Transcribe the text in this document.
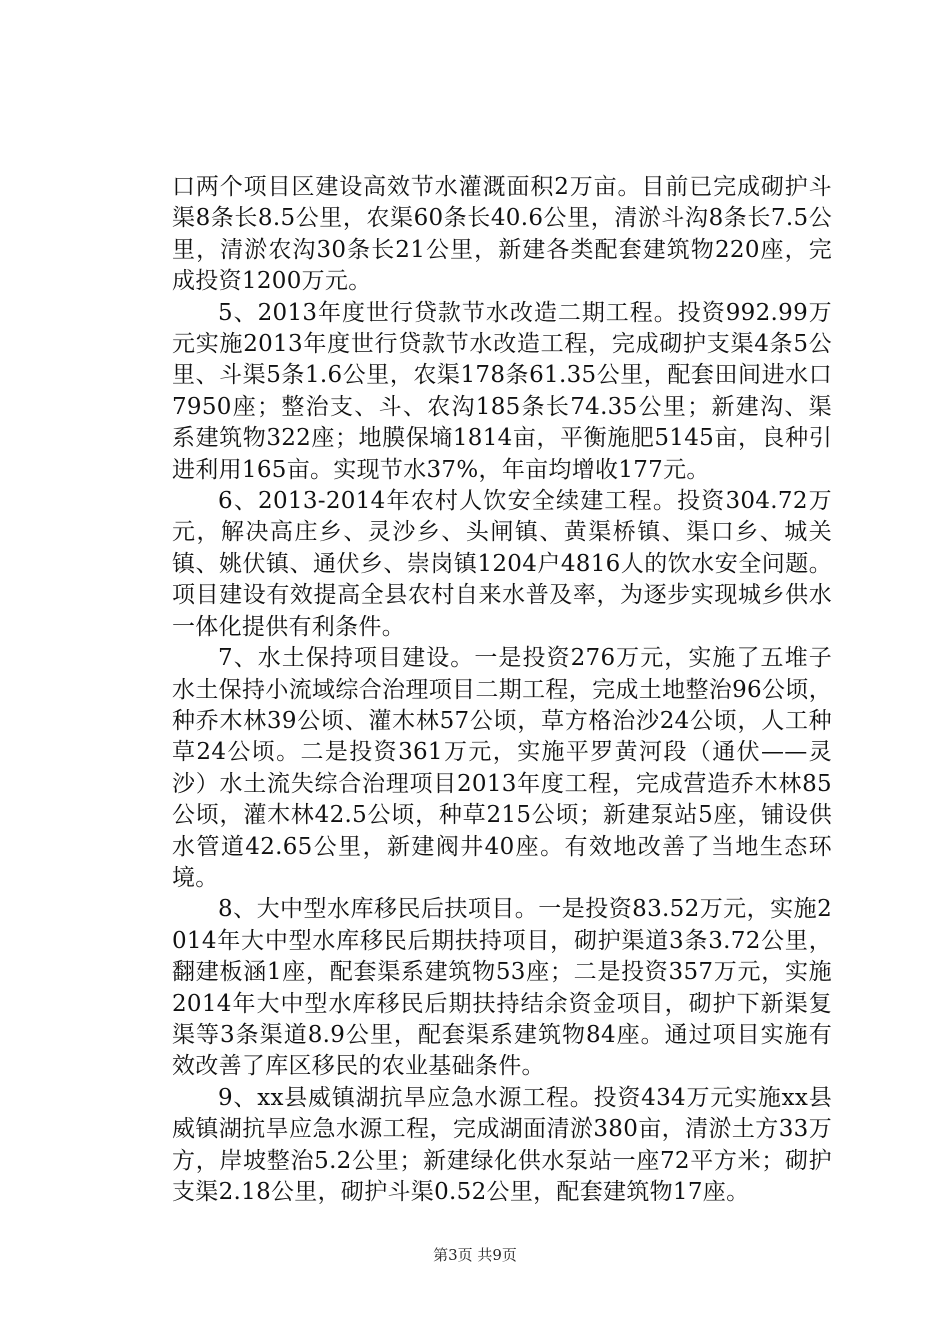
口两个项目区建设高效节水灌溉面积2万亩。目前已完成砌护斗渠8条长8.5公里，农渠60条长40.6公里，清淤斗沟8条长7.5公里，清淤农沟30条长21公里，新建各类配套建筑物220座，完成投资1200万元。

5、2013年度世行贷款节水改造二期工程。投资992.99万元实施2013年度世行贷款节水改造工程，完成砌护支渠4条5公里、斗渠5条1.6公里，农渠178条61.35公里，配套田间进水口7950座；整治支、斗、农沟185条长74.35公里；新建沟、渠系建筑物322座；地膜保墒1814亩，平衡施肥5145亩，良种引进利用165亩。实现节水37%，年亩均增收177元。

6、2013-2014年农村人饮安全续建工程。投资304.72万元，解决高庄乡、灵沙乡、头闸镇、黄渠桥镇、渠口乡、城关镇、姚伏镇、通伏乡、崇岗镇1204户4816人的饮水安全问题。项目建设有效提高全县农村自来水普及率，为逐步实现城乡供水一体化提供有利条件。

7、水土保持项目建设。一是投资276万元，实施了五堆子水土保持小流域综合治理项目二期工程，完成土地整治96公顷，种乔木林39公顷、灌木林57公顷，草方格治沙24公顷，人工种草24公顷。二是投资361万元，实施平罗黄河段（通伏——灵沙）水土流失综合治理项目2013年度工程，完成营造乔木林85公顷，灌木林42.5公顷，种草215公顷；新建泵站5座，铺设供水管道42.65公里，新建阀井40座。有效地改善了当地生态环境。

8、大中型水库移民后扶项目。一是投资83.52万元，实施2014年大中型水库移民后期扶持项目，砌护渠道3条3.72公里，翻建板涵1座，配套渠系建筑物53座；二是投资357万元，实施2014年大中型水库移民后期扶持结余资金项目，砌护下新渠复渠等3条渠道8.9公里，配套渠系建筑物84座。通过项目实施有效改善了库区移民的农业基础条件。

9、xx县威镇湖抗旱应急水源工程。投资434万元实施xx县威镇湖抗旱应急水源工程，完成湖面清淤380亩，清淤土方33万方，岸坡整治5.2公里；新建绿化供水泵站一座72平方米；砌护支渠2.18公里，砌护斗渠0.52公里，配套建筑物17座。

第3页 共9页
